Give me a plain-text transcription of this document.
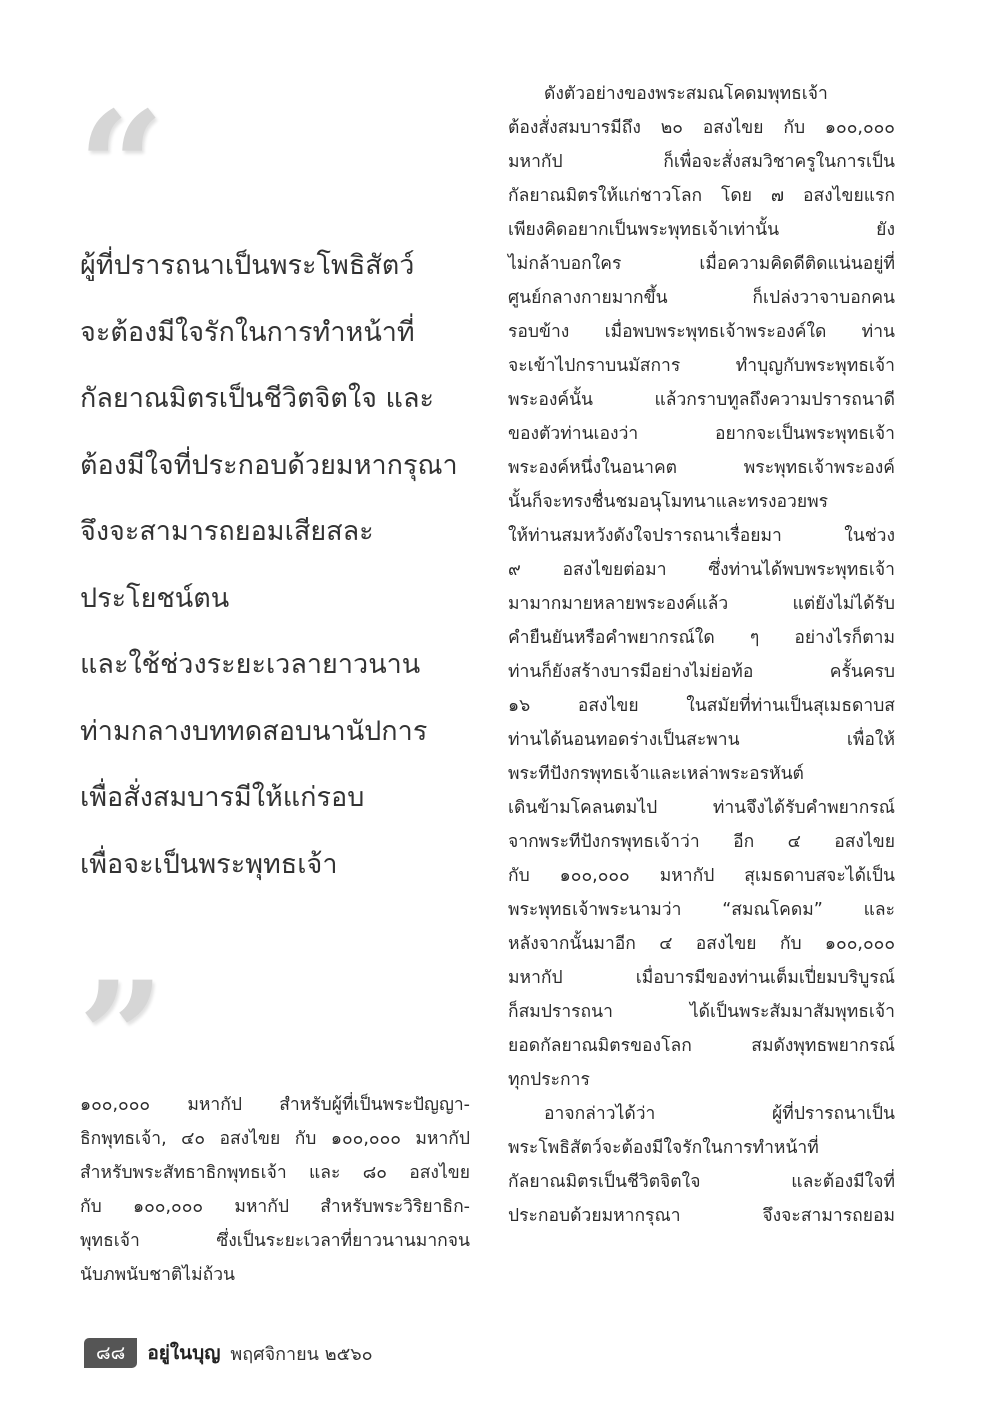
“
ผู้ที่ปรารถนาเป็นพระโพธิสัตว์
จะต้องมีใจรักในการทำหน้าที่
กัลยาณมิตรเป็นชีวิตจิตใจ และ
ต้องมีใจที่ประกอบด้วยมหากรุณา
จึงจะสามารถยอมเสียสละ
ประโยชน์ตน
และใช้ช่วงระยะเวลายาวนาน
ท่ามกลางบททดสอบนานัปการ
เพื่อสั่งสมบารมีให้แก่รอบ
เพื่อจะเป็นพระพุทธเจ้า
”
๑๐๐,๐๐๐ มหากัป สำหรับผู้ที่เป็นพระปัญญา-
ธิกพุทธเจ้า, ๔๐ อสงไขย กับ ๑๐๐,๐๐๐ มหากัป
สำหรับพระสัทธาธิกพุทธเจ้า และ ๘๐ อสงไขย
กับ ๑๐๐,๐๐๐ มหากัป สำหรับพระวิริยาธิก-
พุทธเจ้า ซึ่งเป็นระยะเวลาที่ยาวนานมากจน
นับภพนับชาติไม่ถ้วน
ดังตัวอย่างของพระสมณโคดมพุทธเจ้า
ต้องสั่งสมบารมีถึง ๒๐ อสงไขย กับ ๑๐๐,๐๐๐
มหากัป ก็เพื่อจะสั่งสมวิชาครูในการเป็น
กัลยาณมิตรให้แก่ชาวโลก โดย ๗ อสงไขยแรก
เพียงคิดอยากเป็นพระพุทธเจ้าเท่านั้น ยัง
ไม่กล้าบอกใคร เมื่อความคิดดีติดแน่นอยู่ที่
ศูนย์กลางกายมากขึ้น ก็เปล่งวาจาบอกคน
รอบข้าง เมื่อพบพระพุทธเจ้าพระองค์ใด ท่าน
จะเข้าไปกราบนมัสการ ทำบุญกับพระพุทธเจ้า
พระองค์นั้น แล้วกราบทูลถึงความปรารถนาดี
ของตัวท่านเองว่า อยากจะเป็นพระพุทธเจ้า
พระองค์หนึ่งในอนาคต พระพุทธเจ้าพระองค์
นั้นก็จะทรงชื่นชมอนุโมทนาและทรงอวยพร
ให้ท่านสมหวังดังใจปรารถนาเรื่อยมา ในช่วง
๙ อสงไขยต่อมา ซึ่งท่านได้พบพระพุทธเจ้า
มามากมายหลายพระองค์แล้ว แต่ยังไม่ได้รับ
คำยืนยันหรือคำพยากรณ์ใด ๆ อย่างไรก็ตาม
ท่านก็ยังสร้างบารมีอย่างไม่ย่อท้อ ครั้นครบ
๑๖ อสงไขย ในสมัยที่ท่านเป็นสุเมธดาบส
ท่านได้นอนทอดร่างเป็นสะพาน เพื่อให้
พระทีปังกรพุทธเจ้าและเหล่าพระอรหันต์
เดินข้ามโคลนตมไป ท่านจึงได้รับคำพยากรณ์
จากพระทีปังกรพุทธเจ้าว่า อีก ๔ อสงไขย
กับ ๑๐๐,๐๐๐ มหากัป สุเมธดาบสจะได้เป็น
พระพุทธเจ้าพระนามว่า “สมณโคดม” และ
หลังจากนั้นมาอีก ๔ อสงไขย กับ ๑๐๐,๐๐๐
มหากัป เมื่อบารมีของท่านเต็มเปี่ยมบริบูรณ์
ก็สมปรารถนา ได้เป็นพระสัมมาสัมพุทธเจ้า
ยอดกัลยาณมิตรของโลก สมดังพุทธพยากรณ์
ทุกประการ
อาจกล่าวได้ว่า ผู้ที่ปรารถนาเป็น
พระโพธิสัตว์จะต้องมีใจรักในการทำหน้าที่
กัลยาณมิตรเป็นชีวิตจิตใจ และต้องมีใจที่
ประกอบด้วยมหากรุณา จึงจะสามารถยอม
๘๘	อยู่ในบุญ พฤศจิกายน ๒๕๖๐
